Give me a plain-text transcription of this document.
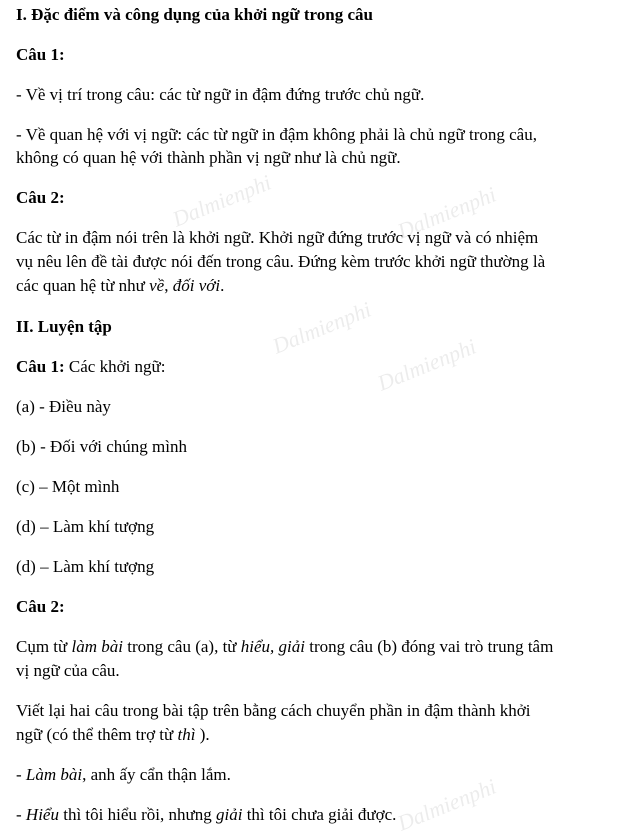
Dalmienphi	Dalmienphi
Dalmienphi
Dalmienphi
Dalmienphi

I. Đặc điểm và công dụng của khởi ngữ trong câu

Câu 1:

- Về vị trí trong câu: các từ ngữ in đậm đứng trước chủ ngữ.

- Về quan hệ với vị ngữ: các từ ngữ in đậm không phải là chủ ngữ trong câu,

không có quan hệ với thành phần vị ngữ như là chủ ngữ.

Câu 2:

Các từ in đậm nói trên là khởi ngữ. Khởi ngữ đứng trước vị ngữ và có nhiệm

vụ nêu lên đề tài được nói đến trong câu. Đứng kèm trước khởi ngữ thường là

các quan hệ từ như về, đối với.

II. Luyện tập

Câu 1: Các khởi ngữ:

(a) - Điều này

(b) - Đối với chúng mình

(c) – Một mình

(d) – Làm khí tượng

(d) – Làm khí tượng

Câu 2:

Cụm từ làm bài trong câu (a), từ hiểu, giải trong câu (b) đóng vai trò trung tâm

vị ngữ của câu.

Viết lại hai câu trong bài tập trên bằng cách chuyển phần in đậm thành khởi

ngữ (có thể thêm trợ từ thì ).

- Làm bài, anh ấy cẩn thận lắm.

- Hiểu thì tôi hiểu rồi, nhưng giải thì tôi chưa giải được.
